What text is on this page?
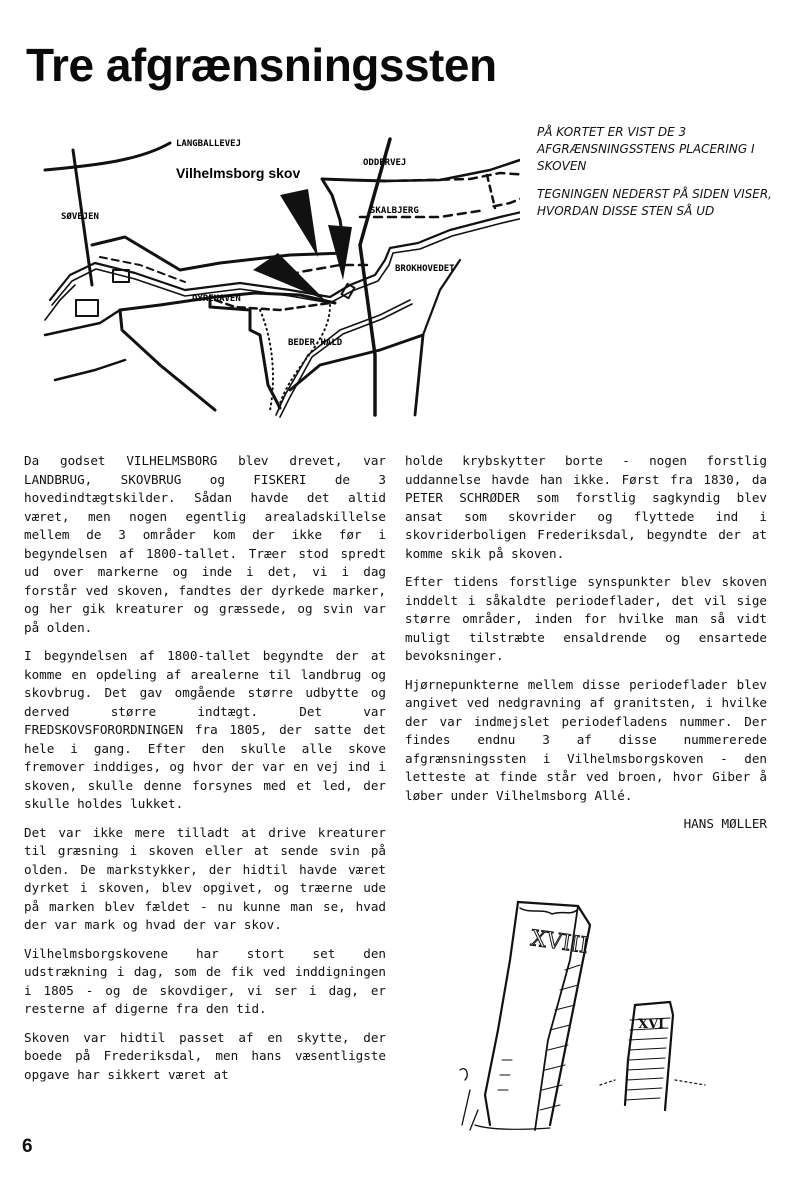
Tre afgrænsningssten
LANGBALLEVEJ
Vilhelmsborg skov
ODDERVEJ
SØVEJEN
SKALBJERG
BROKHOVEDET
DYREHAVEN
BEDER HALD

PÅ KORTET ER VIST DE 3 AFGRÆNSNINGSSTENS PLACERING I SKOVEN

TEGNINGEN NEDERST PÅ SIDEN VISER, HVORDAN DISSE STEN SÅ UD

Da godset VILHELMSBORG blev drevet, var LANDBRUG, SKOVBRUG og FISKERI de 3 hovedindtægtskilder. Sådan havde det altid været, men nogen egentlig arealadskillelse mellem de 3 områder kom der ikke før i begyndelsen af 1800-tallet. Træer stod spredt ud over markerne og inde i det, vi i dag forstår ved skoven, fandtes der dyrkede marker, og her gik kreaturer og græssede, og svin var på olden.

I begyndelsen af 1800-tallet begyndte der at komme en opdeling af arealerne til landbrug og skovbrug. Det gav omgående større udbytte og derved større indtægt. Det var FREDSKOVSFORORDNINGEN fra 1805, der satte det hele i gang. Efter den skulle alle skove fremover inddiges, og hvor der var en vej ind i skoven, skulle denne forsynes med et led, der skulle holdes lukket.

Det var ikke mere tilladt at drive kreaturer til græsning i skoven eller at sende svin på olden. De markstykker, der hidtil havde været dyrket i skoven, blev opgivet, og træerne ude på marken blev fældet - nu kunne man se, hvad der var mark og hvad der var skov.

Vilhelmsborgskovene har stort set den udstrækning i dag, som de fik ved inddigningen i 1805 - og de skovdiger, vi ser i dag, er resterne af digerne fra den tid.

Skoven var hidtil passet af en skytte, der boede på Frederiksdal, men hans væsentligste opgave har sikkert været at

holde krybskytter borte - nogen forstlig uddannelse havde han ikke. Først fra 1830, da PETER SCHRØDER som forstlig sagkyndig blev ansat som skovrider og flyttede ind i skovriderboligen Frederiksdal, begyndte der at komme skik på skoven.

Efter tidens forstlige synspunkter blev skoven inddelt i såkaldte periodeflader, det vil sige større områder, inden for hvilke man så vidt muligt tilstræbte ensaldrende og ensartede bevoksninger.

Hjørnepunkterne mellem disse periodeflader blev angivet ved nedgravning af granitsten, i hvilke der var indmejslet periodefladens nummer. Der findes endnu 3 af disse nummererede afgrænsningssten i Vilhelmsborgskoven - den letteste at finde står ved broen, hvor Giber å løber under Vilhelmsborg Allé.

HANS MØLLER
XVIII
XVI
6
